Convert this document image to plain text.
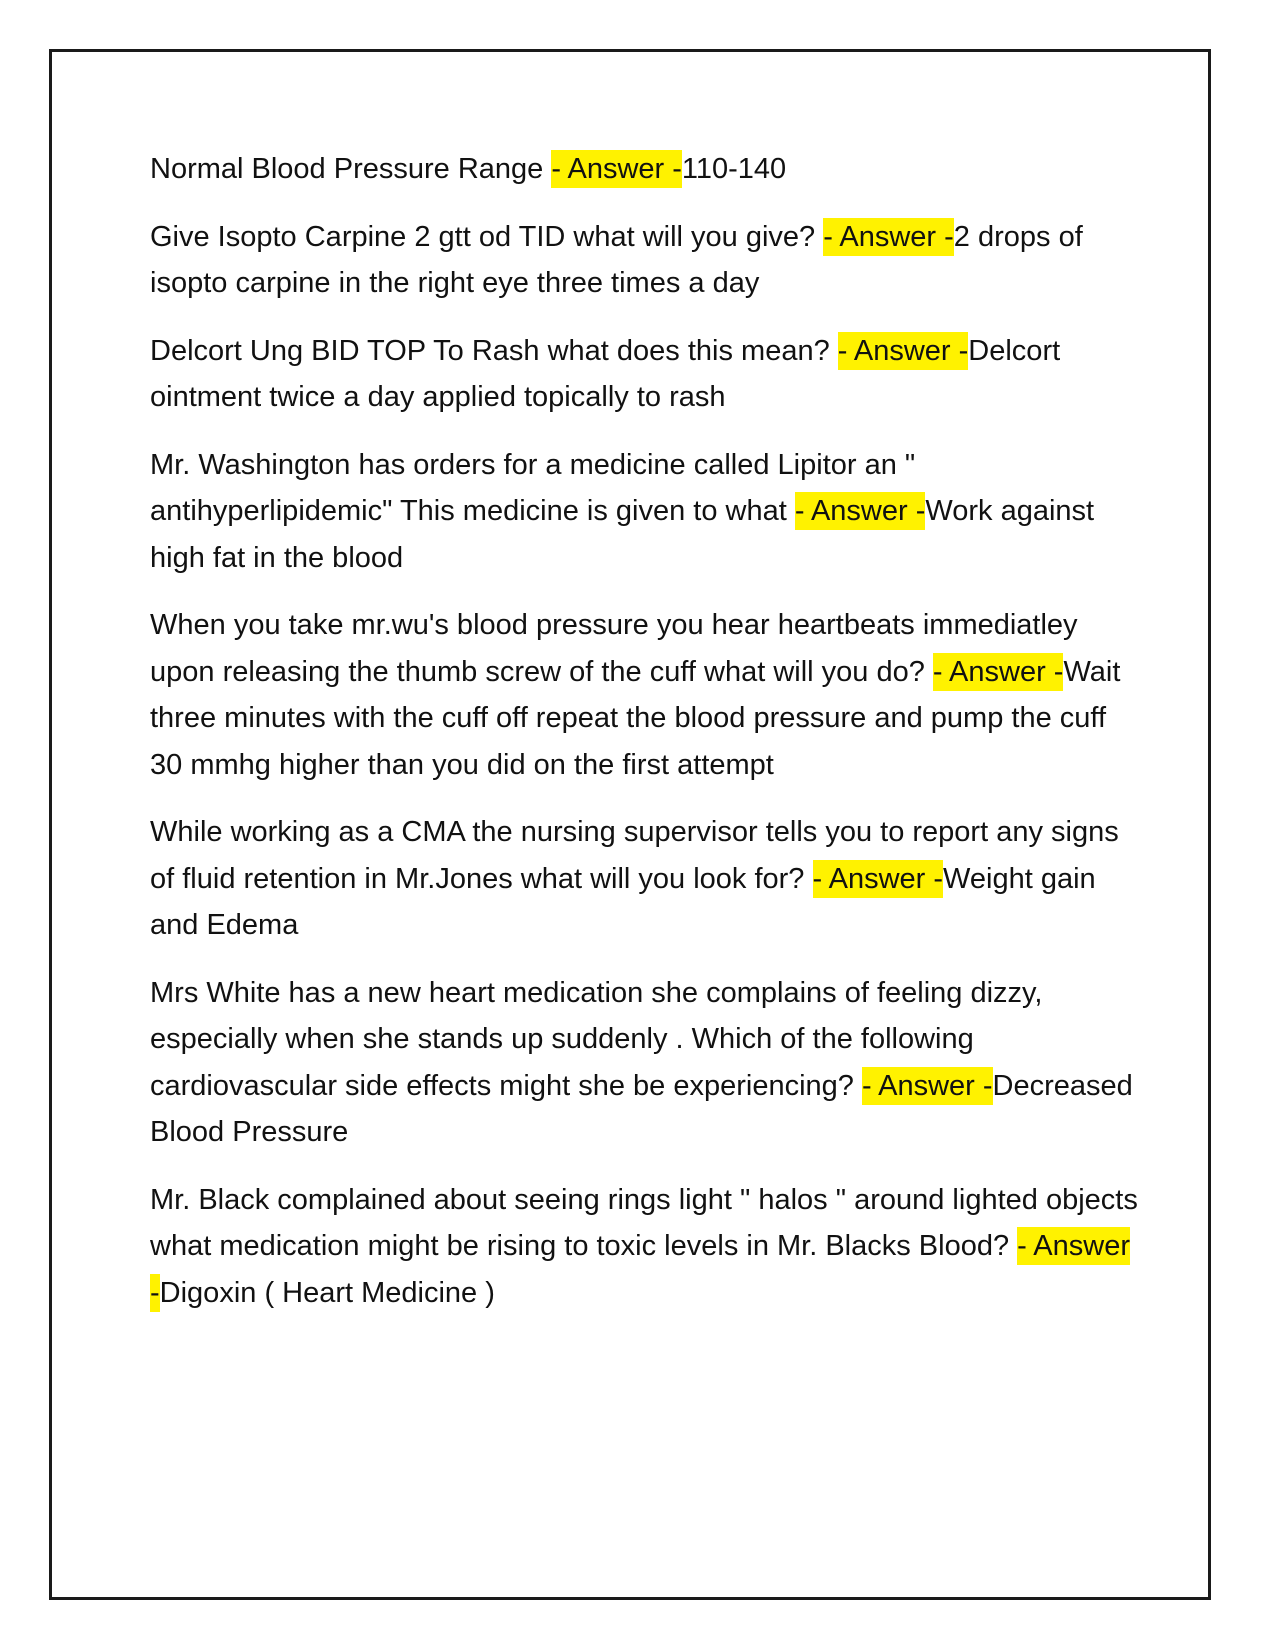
Normal Blood Pressure Range - Answer -110-140

Give Isopto Carpine 2 gtt od TID what will you give? - Answer -2 drops of isopto carpine in the right eye three times a day

Delcort Ung BID TOP To Rash what does this mean? - Answer -Delcort ointment twice a day applied topically to rash

Mr. Washington has orders for a medicine called Lipitor an " antihyperlipidemic" This medicine is given to what - Answer -Work against high fat in the blood

When you take mr.wu's blood pressure you hear heartbeats immediatley upon releasing the thumb screw of the cuff what will you do? - Answer -Wait three minutes with the cuff off repeat the blood pressure and pump the cuff 30 mmhg higher than you did on the first attempt

While working as a CMA the nursing supervisor tells you to report any signs of fluid retention in Mr.Jones what will you look for? - Answer -Weight gain and Edema

Mrs White has a new heart medication she complains of feeling dizzy, especially when she stands up suddenly . Which of the following cardiovascular side effects might she be experiencing? - Answer -Decreased Blood Pressure

Mr. Black complained about seeing rings light " halos " around lighted objects what medication might be rising to toxic levels in Mr. Blacks Blood? - Answer -Digoxin ( Heart Medicine )
